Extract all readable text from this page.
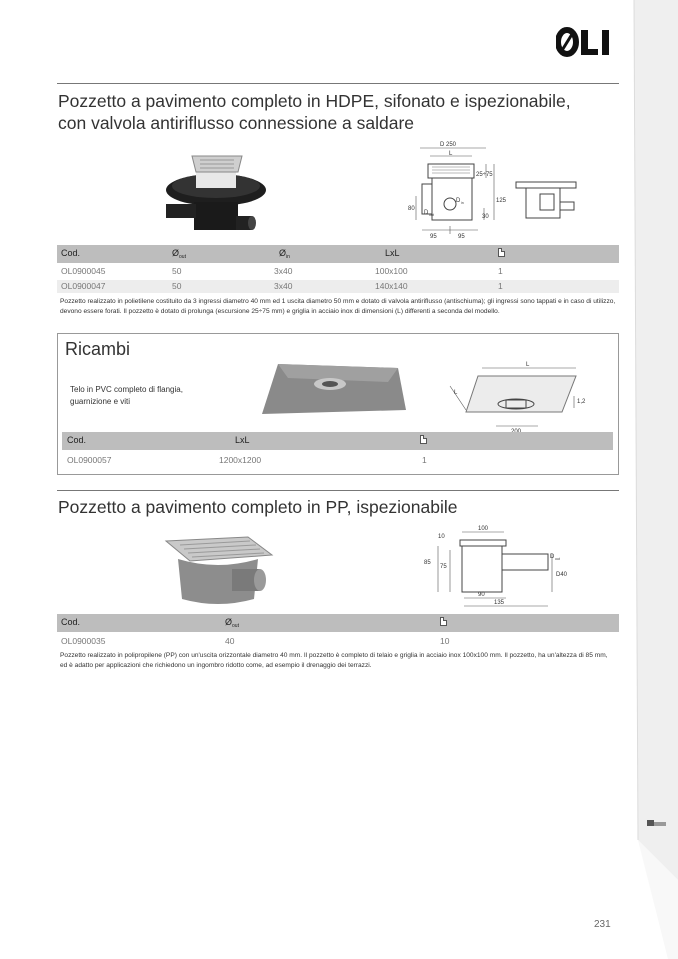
Pozzetto a pavimento completo in HDPE, sifonato e ispezionabile,
con valvola antiriflusso connessione a saldare
D 250
L
25÷75
125
80
30
95	95
D in
D out
Cod.	$Ø_{out}$	$Ø_{in}$	LxL
OL0900045	50	3x40	100x100	1
OL0900047	50	3x40	140x140	1
Pozzetto realizzato in polietilene costituito da 3 ingressi diametro 40 mm ed 1 uscita diametro 50 mm e dotato di valvola antiriflusso (antischiuma); gli ingressi sono tappati e in caso di utilizzo, devono essere forati. Il pozzetto è dotato di prolunga (escursione 25÷75 mm) e griglia in acciaio inox di dimensioni (L) differenti a seconda del modello.
Ricambi
Telo in PVC completo di flangia,
guarnizione e viti
L
L
1,2
Cod.	LxL
OL0900057	1200x1200	1
Pozzetto a pavimento completo in PP, ispezionabile
100
10
85
75
D out
D40
90
135
Cod.	$Ø_{out}$
OL0900035	40	10
Pozzetto realizzato in polipropilene (PP) con un'uscita orizzontale diametro 40 mm. Il pozzetto è completo di telaio e griglia in acciaio inox 100x100 mm. Il pozzetto, ha un'altezza di 85 mm,
ed è adatto per applicazioni che richiedono un ingombro ridotto come, ad esempio il drenaggio dei terrazzi.
231
